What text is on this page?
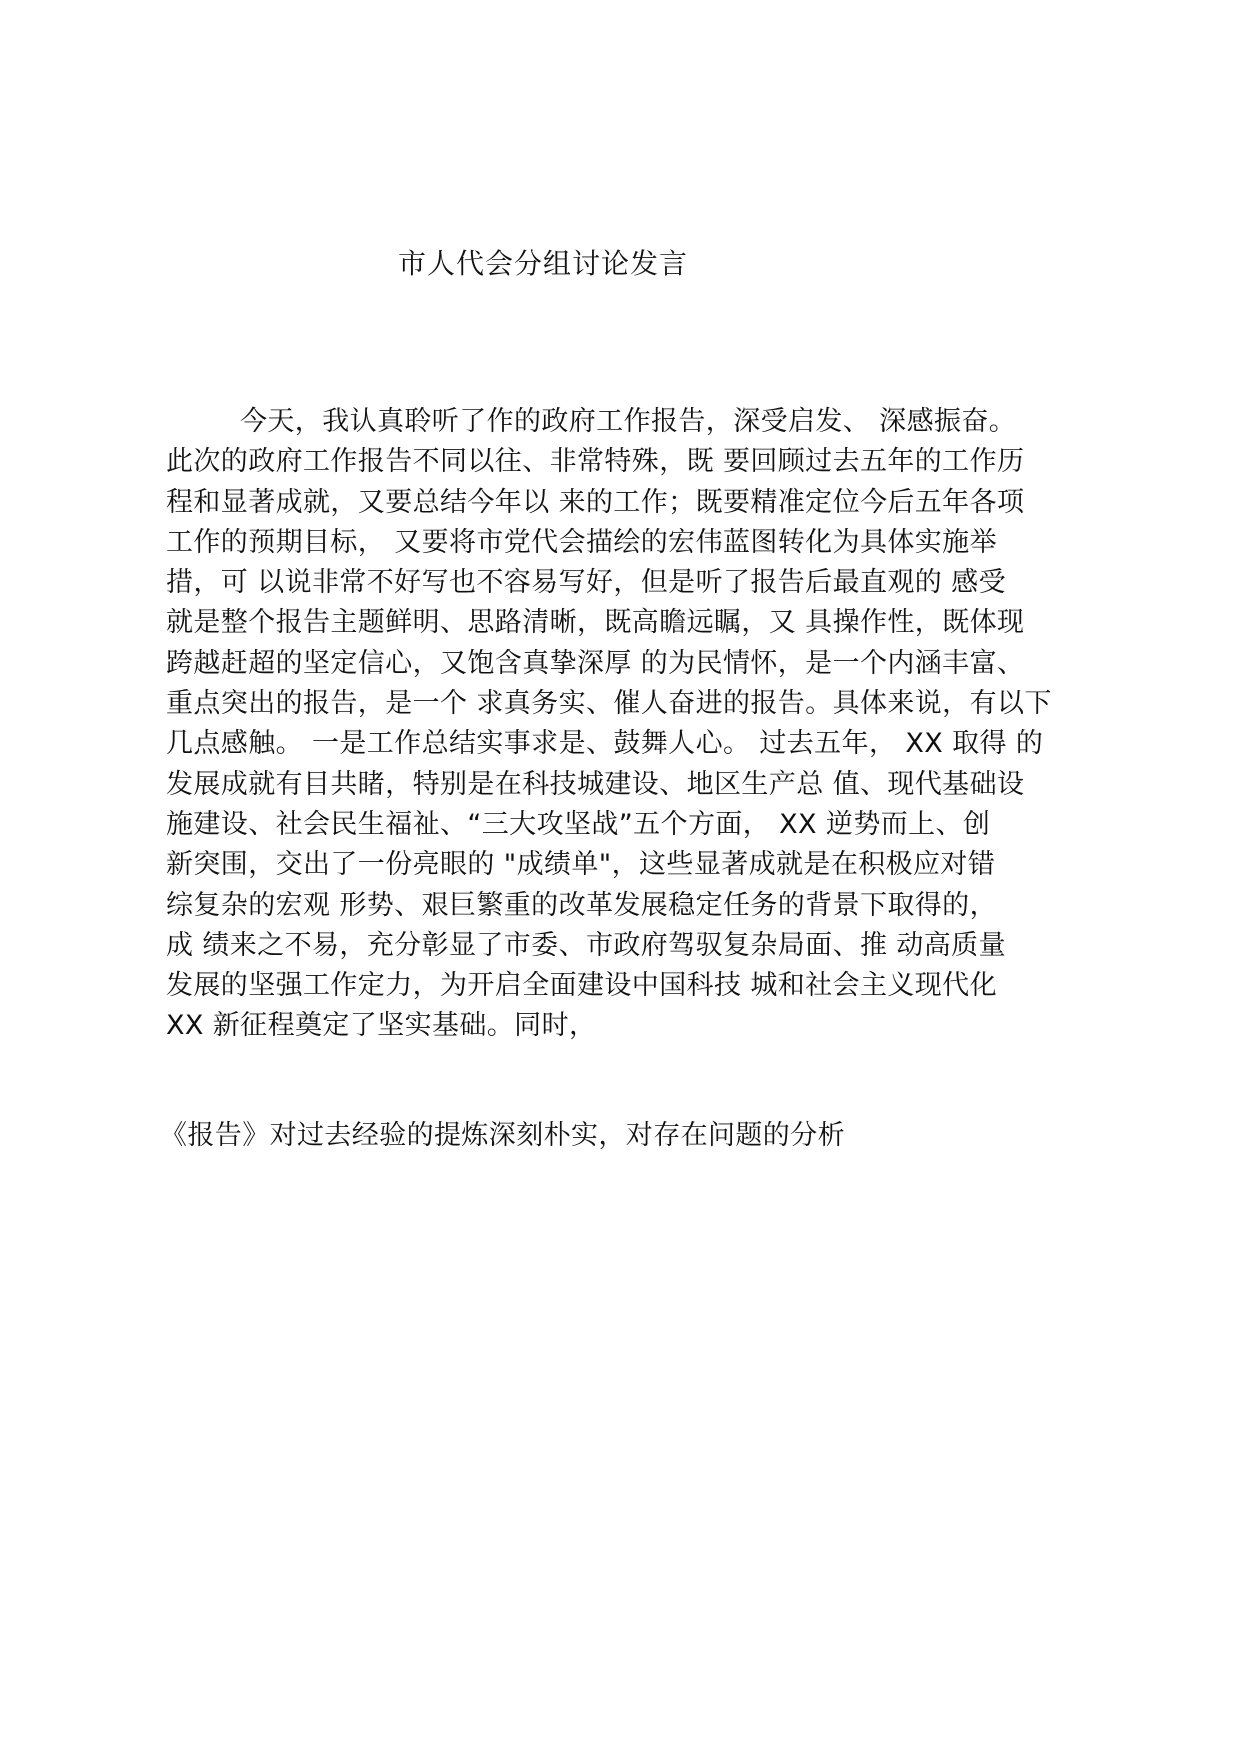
市人代会分组讨论发言
今天，我认真聆听了作的政府工作报告，深受启发、 深感振奋。
此次的政府工作报告不同以往、非常特殊，既 要回顾过去五年的工作历
程和显著成就，又要总结今年以 来的工作；既要精准定位今后五年各项
工作的预期目标， 又要将市党代会描绘的宏伟蓝图转化为具体实施举
措，可 以说非常不好写也不容易写好，但是听了报告后最直观的 感受
就是整个报告主题鲜明、思路清晰，既高瞻远瞩，又 具操作性，既体现
跨越赶超的坚定信心，又饱含真挚深厚 的为民情怀，是一个内涵丰富、
重点突出的报告，是一个 求真务实、催人奋进的报告。具体来说，有以下
几点感触。 一是工作总结实事求是、鼓舞人心。 过去五年， XX 取得 的
发展成就有目共睹，特别是在科技城建设、地区生产总 值、现代基础设
施建设、社会民生福祉、“三大攻坚战”五个方面， XX 逆势而上、创
新突围，交出了一份亮眼的 "成绩单"，这些显著成就是在积极应对错
综复杂的宏观 形势、艰巨繁重的改革发展稳定任务的背景下取得的，
成 绩来之不易，充分彰显了市委、市政府驾驭复杂局面、推 动高质量
发展的坚强工作定力，为开启全面建设中国科技 城和社会主义现代化
XX 新征程奠定了坚实基础。同时，
《报告》对过去经验的提炼深刻朴实，对存在问题的分析
